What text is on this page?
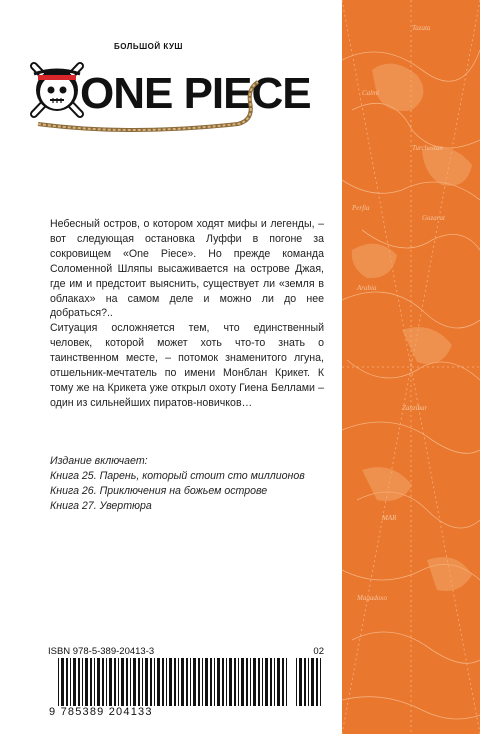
Tazata
Calmi
Turchestan
Perfia
Guzarat
Arabia
Zanzibar
MAR
Magadoxo
БОЛЬШОЙ КУШ
ONE PIECE

Небесный остров, о котором ходят мифы и легенды, – вот следующая остановка Луффи в погоне за сокровищем «One Piece». Но прежде команда Соломенной Шляпы высаживается на острове Джая, где им и предстоит выяснить, существует ли «земля в облаках» на самом деле и можно ли до нее добраться?..

Ситуация осложняется тем, что единственный человек, которой может хоть что-то знать о таинственном месте, – потомок знаменитого лгуна, отшельник-мечтатель по имени Монблан Крикет. К тому же на Крикета уже открыл охоту Гиена Беллами – один из сильнейших пиратов-новичков…

Издание включает:
Книга 25. Парень, который стоит сто миллионов
Книга 26. Приключения на божьем острове
Книга 27. Увертюра
ISBN 978-5-389-20413-3	02
9 785389 204133
